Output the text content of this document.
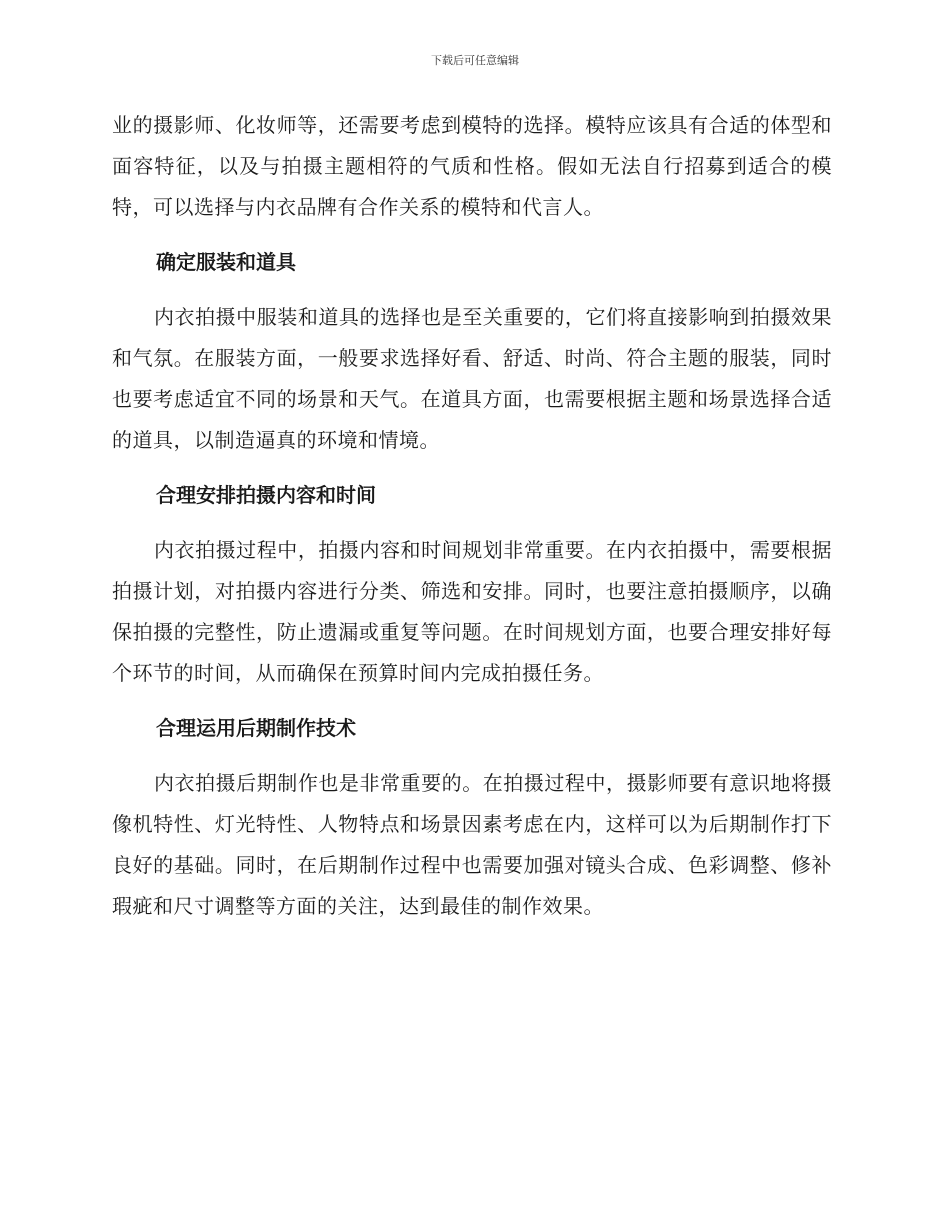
下载后可任意编辑

业的摄影师、化妆师等，还需要考虑到模特的选择。模特应该具有合适的体型和面容特征，以及与拍摄主题相符的气质和性格。假如无法自行招募到适合的模特，可以选择与内衣品牌有合作关系的模特和代言人。

确定服装和道具

内衣拍摄中服装和道具的选择也是至关重要的，它们将直接影响到拍摄效果和气氛。在服装方面，一般要求选择好看、舒适、时尚、符合主题的服装，同时也要考虑适宜不同的场景和天气。在道具方面，也需要根据主题和场景选择合适的道具，以制造逼真的环境和情境。

合理安排拍摄内容和时间

内衣拍摄过程中，拍摄内容和时间规划非常重要。在内衣拍摄中，需要根据拍摄计划，对拍摄内容进行分类、筛选和安排。同时，也要注意拍摄顺序，以确保拍摄的完整性，防止遗漏或重复等问题。在时间规划方面，也要合理安排好每个环节的时间，从而确保在预算时间内完成拍摄任务。

合理运用后期制作技术

内衣拍摄后期制作也是非常重要的。在拍摄过程中，摄影师要有意识地将摄像机特性、灯光特性、人物特点和场景因素考虑在内，这样可以为后期制作打下良好的基础。同时，在后期制作过程中也需要加强对镜头合成、色彩调整、修补瑕疵和尺寸调整等方面的关注，达到最佳的制作效果。
